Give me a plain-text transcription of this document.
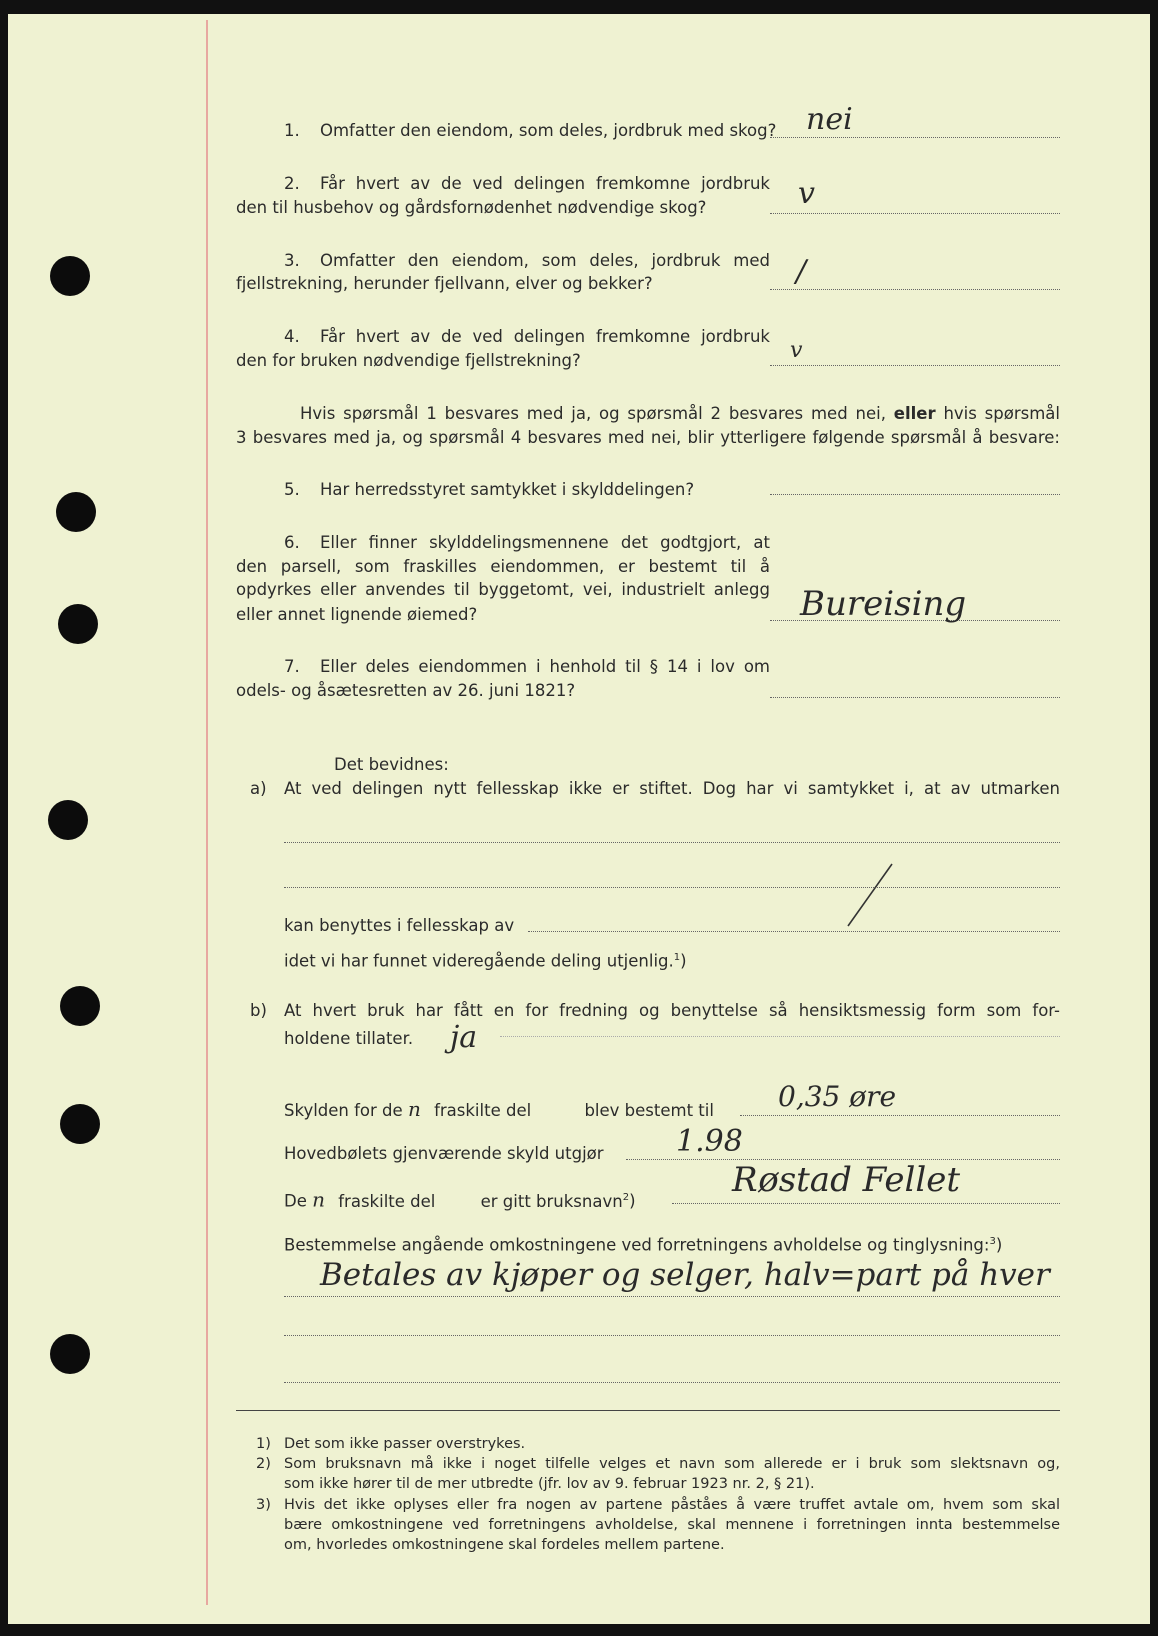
1. Omfatter den eiendom, som deles, jordbruk med skog? nei
2. Får hvert av de ved delingen fremkomne jordbruk
den til husbehov og gårdsfornødenhet nødvendige skog?	v
3. Omfatter den eiendom, som deles, jordbruk med
fjellstrekning, herunder fjellvann, elver og bekker?	/
4. Får hvert av de ved delingen fremkomne jordbruk
den for bruken nødvendige fjellstrekning?	v
Hvis spørsmål 1 besvares med ja, og spørsmål 2 besvares med nei, eller hvis spørsmål
3 besvares med ja, og spørsmål 4 besvares med nei, blir ytterligere følgende spørsmål å besvare:
5. Har herredsstyret samtykket i skylddelingen?
6. Eller finner skylddelingsmennene det godtgjort, at
den parsell, som fraskilles eiendommen, er bestemt til å
opdyrkes eller anvendes til byggetomt, vei, industrielt anlegg
eller annet lignende øiemed?	Bureising
7. Eller deles eiendommen i henhold til § 14 i lov om
odels- og åsætesretten av 26. juni 1821?
Det bevidnes:
a) At ved delingen nytt fellesskap ikke er stiftet. Dog har vi samtykket i, at av utmarken
kan benyttes i fellesskap av
idet vi har funnet videregående deling utjenlig.$^1$)
b) At hvert bruk har fått en for fredning og benyttelse så hensiktsmessig form som for-
holdene tillater. ja
Skylden for de n fraskilte del	blev bestemt til 0,35 øre
Hovedbølets gjenværende skyld utgjør 1.98
De n fraskilte del	er gitt bruksnavn$^2$)
Røstad Fellet
Bestemmelse angående omkostningene ved forretningens avholdelse og tinglysning:$^3$)
Betales av kjøper og selger, halv=part på hver
1) Det som ikke passer overstrykes.
2) Som bruksnavn må ikke i noget tilfelle velges et navn som allerede er i bruk som slektsnavn og,
som ikke hører til de mer utbredte (jfr. lov av 9. februar 1923 nr. 2, § 21).
3) Hvis det ikke oplyses eller fra nogen av partene påståes å være truffet avtale om, hvem som skal
bære omkostningene ved forretningens avholdelse, skal mennene i forretningen innta bestemmelse
om, hvorledes omkostningene skal fordeles mellem partene.
